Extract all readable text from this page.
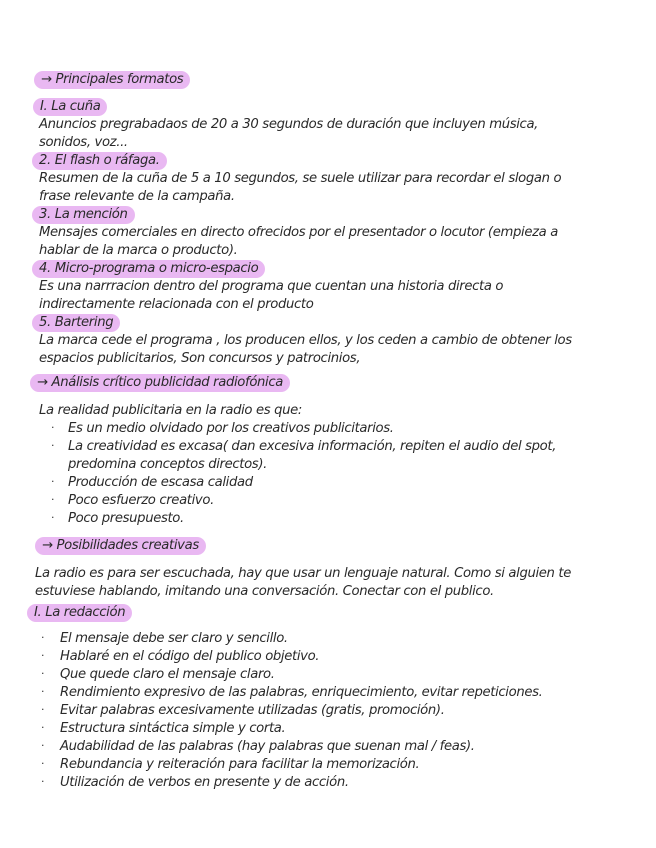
→ Principales formatos
I. La cuña
Anuncios pregrabadaos de 20 a 30 segundos de duración que incluyen música,
sonidos, voz...
2. El flash o ráfaga.
Resumen de la cuña de 5 a 10 segundos, se suele utilizar para recordar el slogan o
frase relevante de la campaña.
3. La mención
Mensajes comerciales en directo ofrecidos por el presentador o locutor (empieza a
hablar de la marca o producto).
4. Micro-programa o micro-espacio
Es una narrracion dentro del programa que cuentan una historia directa o
indirectamente relacionada con el producto
5. Bartering
La marca cede el programa , los producen ellos, y los ceden a cambio de obtener los
espacios publicitarios, Son concursos y patrocinios,
→ Análisis crítico publicidad radiofónica
La realidad publicitaria en la radio es que:
· Es un medio olvidado por los creativos publicitarios.
· La creatividad es excasa( dan excesiva información, repiten el audio del spot,
predomina conceptos directos).
· Producción de escasa calidad
· Poco esfuerzo creativo.
· Poco presupuesto.
→ Posibilidades creativas
La radio es para ser escuchada, hay que usar un lenguaje natural. Como si alguien te
estuviese hablando, imitando una conversación. Conectar con el publico.
I. La redacción
· El mensaje debe ser claro y sencillo.
· Hablaré en el código del publico objetivo.
· Que quede claro el mensaje claro.
· Rendimiento expresivo de las palabras, enriquecimiento, evitar repeticiones.
· Evitar palabras excesivamente utilizadas (gratis, promoción).
· Estructura sintáctica simple y corta.
· Audabilidad de las palabras (hay palabras que suenan mal / feas).
· Rebundancia y reiteración para facilitar la memorización.
· Utilización de verbos en presente y de acción.
